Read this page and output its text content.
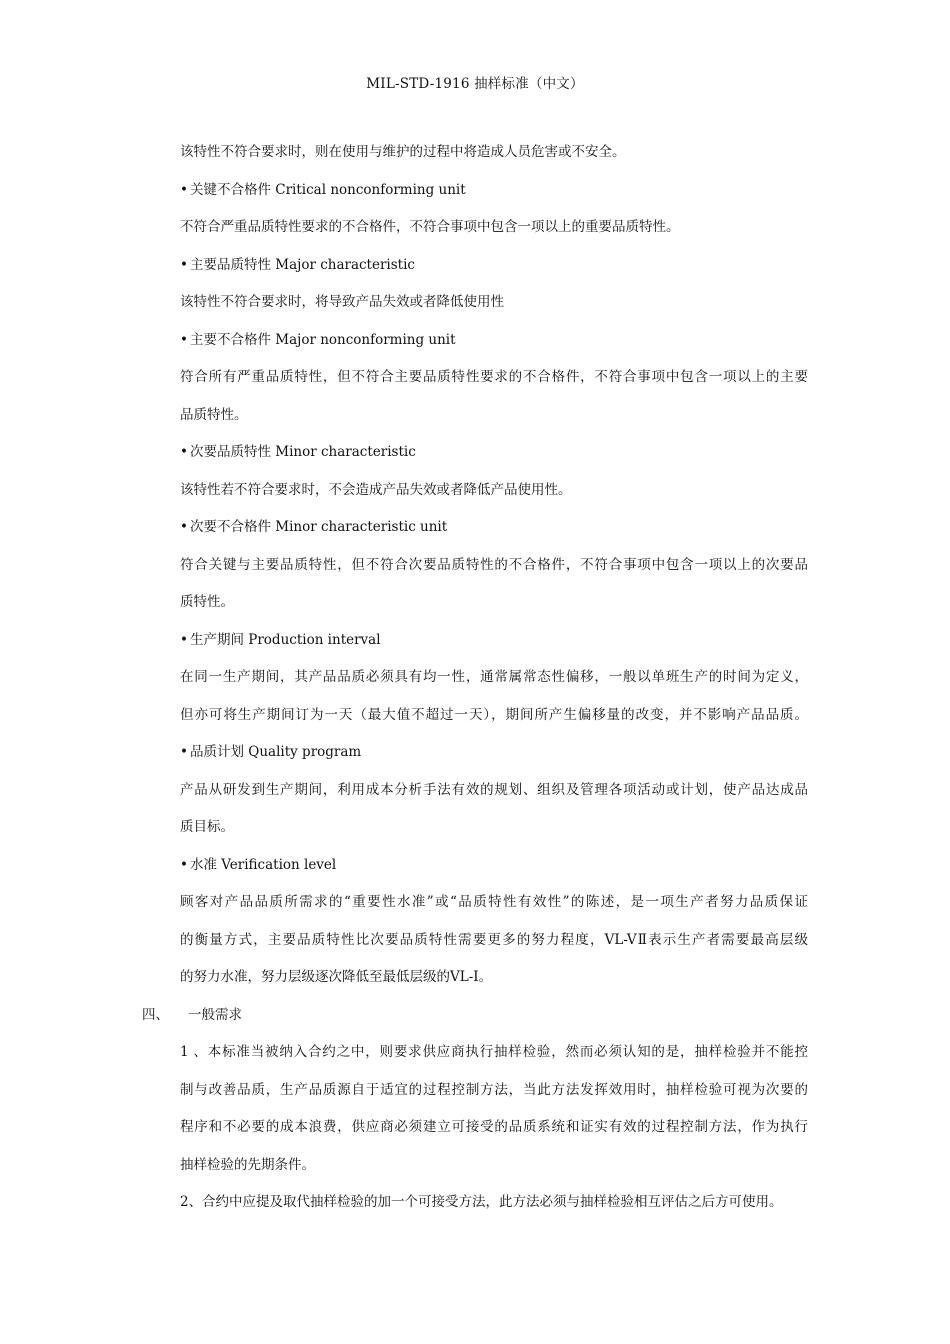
MIL-STD-1916 抽样标准（中文）
该特性不符合要求时，则在使用与维护的过程中将造成人员危害或不安全。
• 关键不合格件 Critical nonconforming unit
不符合严重品质特性要求的不合格件，不符合事项中包含一项以上的重要品质特性。
• 主要品质特性 Major characteristic
该特性不符合要求时，将导致产品失效或者降低使用性
• 主要不合格件 Major nonconforming unit
符合所有严重品质特性，但不符合主要品质特性要求的不合格件，不符合事项中包含一项以上的主要
品质特性。
• 次要品质特性 Minor characteristic
该特性若不符合要求时，不会造成产品失效或者降低产品使用性。
• 次要不合格件 Minor characteristic unit
符合关键与主要品质特性，但不符合次要品质特性的不合格件，不符合事项中包含一项以上的次要品
质特性。
• 生产期间 Production interval
在同一生产期间，其产品品质必须具有均一性，通常属常态性偏移，一般以单班生产的时间为定义，
但亦可将生产期间订为一天（最大值不超过一天），期间所产生偏移量的改变，并不影响产品品质。
• 品质计划 Quality program
产品从研发到生产期间，利用成本分析手法有效的规划、组织及管理各项活动或计划，使产品达成品
质目标。
• 水准 Verification level
顾客对产品品质所需求的“重要性水准”或“品质特性有效性”的陈述，是一项生产者努力品质保证
的衡量方式，主要品质特性比次要品质特性需要更多的努力程度，VL-VⅡ表示生产者需要最高层级
的努力水准，努力层级逐次降低至最低层级的VL-I。
四、 一般需求
1、本标准当被纳入合约之中，则要求供应商执行抽样检验，然而必须认知的是，抽样检验并不能控
制与改善品质，生产品质源自于适宜的过程控制方法，当此方法发挥效用时，抽样检验可视为次要的
程序和不必要的成本浪费，供应商必须建立可接受的品质系统和证实有效的过程控制方法，作为执行
抽样检验的先期条件。
2、合约中应提及取代抽样检验的加一个可接受方法，此方法必须与抽样检验相互评估之后方可使用。
